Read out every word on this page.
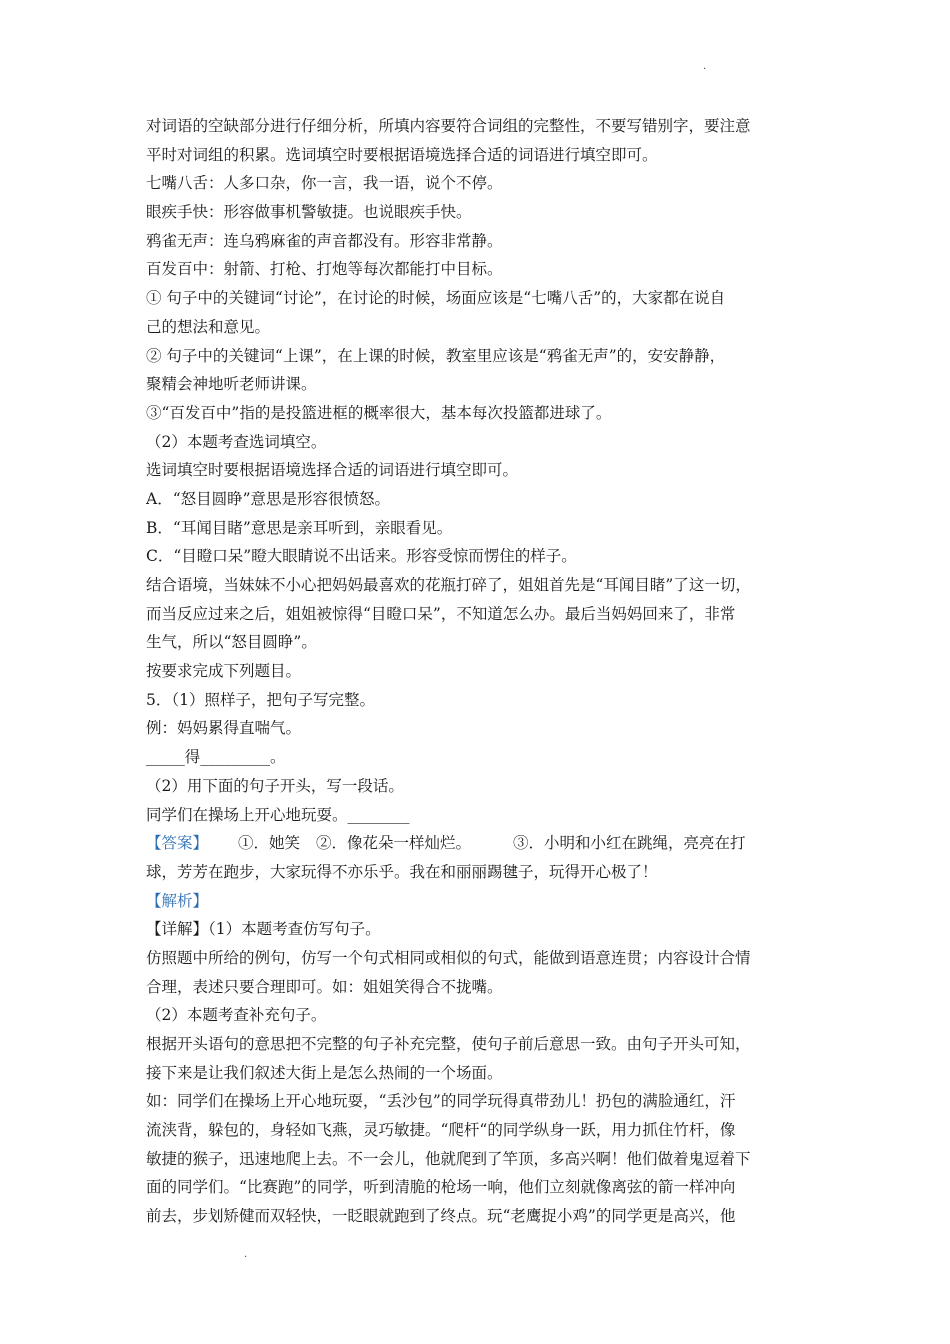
.
对词语的空缺部分进行仔细分析，所填内容要符合词组的完整性，不要写错别字，要注意
平时对词组的积累。选词填空时要根据语境选择合适的词语进行填空即可。
七嘴八舌：人多口杂，你一言，我一语，说个不停。
眼疾手快：形容做事机警敏捷。也说眼疾手快。
鸦雀无声：连乌鸦麻雀的声音都没有。形容非常静。
百发百中：射箭、打枪、打炮等每次都能打中目标。
① 句子中的关键词“讨论”，在讨论的时候，场面应该是“七嘴八舌”的，大家都在说自
己的想法和意见。
② 句子中的关键词“上课”，在上课的时候，教室里应该是“鸦雀无声”的，安安静静，
聚精会神地听老师讲课。
③“百发百中”指的是投篮进框的概率很大，基本每次投篮都进球了。
（2）本题考查选词填空。
选词填空时要根据语境选择合适的词语进行填空即可。
A．“怒目圆睁”意思是形容很愤怒。
B．“耳闻目睹”意思是亲耳听到，亲眼看见。
C．“目瞪口呆”瞪大眼睛说不出话来。形容受惊而愣住的样子。
结合语境，当妹妹不小心把妈妈最喜欢的花瓶打碎了，姐姐首先是“耳闻目睹”了这一切，
而当反应过来之后，姐姐被惊得“目瞪口呆”，不知道怎么办。最后当妈妈回来了，非常
生气，所以“怒目圆睁”。
按要求完成下列题目。
5．（1）照样子，把句子写完整。
例：妈妈累得直喘气。
_____得_________。
（2）用下面的句子开头，写一段话。
同学们在操场上开心地玩耍。________
【答案】 ①．她笑 ②．像花朵一样灿烂。	③．小明和小红在跳绳，亮亮在打
球，芳芳在跑步，大家玩得不亦乐乎。我在和丽丽踢毽子，玩得开心极了！
【解析】
【详解】（1）本题考查仿写句子。
仿照题中所给的例句，仿写一个句式相同或相似的句式，能做到语意连贯；内容设计合情
合理，表述只要合理即可。如：姐姐笑得合不拢嘴。
（2）本题考查补充句子。
根据开头语句的意思把不完整的句子补充完整，使句子前后意思一致。由句子开头可知，
接下来是让我们叙述大街上是怎么热闹的一个场面。
如：同学们在操场上开心地玩耍，“丢沙包”的同学玩得真带劲儿！扔包的满脸通红，汗
流浃背，躲包的，身轻如飞燕，灵巧敏捷。“爬杆“的同学纵身一跃，用力抓住竹杆，像
敏捷的猴子，迅速地爬上去。不一会儿，他就爬到了竿顶，多高兴啊！他们做着鬼逗着下
面的同学们。“比赛跑”的同学，听到清脆的枪场一响，他们立刻就像离弦的箭一样冲向
前去，步划矫健而双轻快，一眨眼就跑到了终点。玩“老鹰捉小鸡”的同学更是高兴，他
.
